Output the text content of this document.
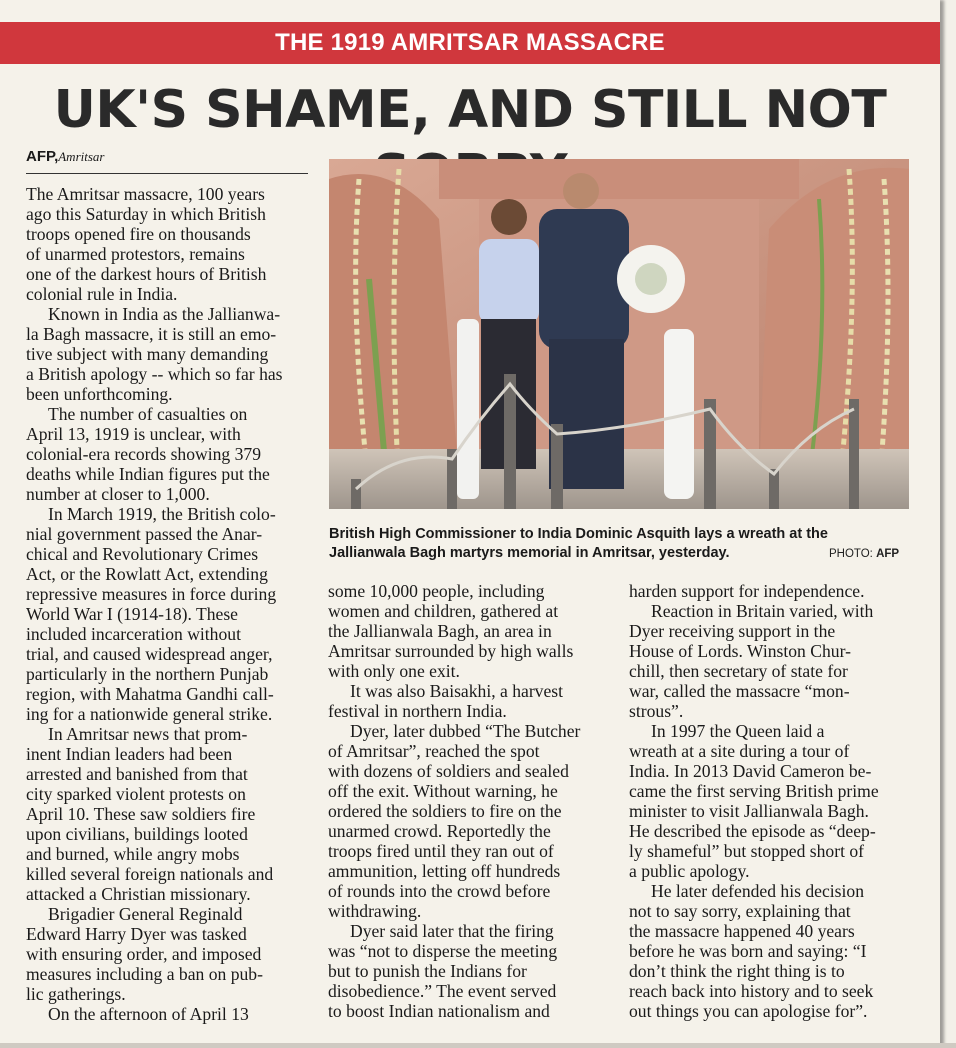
THE 1919 AMRITSAR MASSACRE
UK'S SHAME, AND STILL NOT
AFP,Amritsar

The Amritsar massacre, 100 years
ago this Saturday in which British
troops opened fire on thousands
of unarmed protestors, remains
one of the darkest hours of British
colonial rule in India.

Known in India as the Jallianwa-
la Bagh massacre, it is still an emo-
tive subject with many demanding
a British apology -- which so far has
been unforthcoming.

The number of casualties on
April 13, 1919 is unclear, with
colonial-era records showing 379
deaths while Indian figures put the
number at closer to 1,000.

In March 1919, the British colo-
nial government passed the Anar-
chical and Revolutionary Crimes
Act, or the Rowlatt Act, extending
repressive measures in force during
World War I (1914-18). These
included incarceration without
trial, and caused widespread anger,
particularly in the northern Punjab
region, with Mahatma Gandhi call-
ing for a nationwide general strike.

In Amritsar news that prom-
inent Indian leaders had been
arrested and banished from that
city sparked violent protests on
April 10. These saw soldiers fire
upon civilians, buildings looted
and burned, while angry mobs
killed several foreign nationals and
attacked a Christian missionary.

Brigadier General Reginald
Edward Harry Dyer was tasked
with ensuring order, and imposed
measures including a ban on pub-
lic gatherings.

On the afternoon of April 13

British High Commissioner to India Dominic Asquith lays a wreath at the
Jallianwala Bagh martyrs memorial in Amritsar, yesterday.	PHOTO: AFP

some 10,000 people, including
women and children, gathered at
the Jallianwala Bagh, an area in
Amritsar surrounded by high walls
with only one exit.

It was also Baisakhi, a harvest
festival in northern India.

Dyer, later dubbed “The Butcher
of Amritsar”, reached the spot
with dozens of soldiers and sealed
off the exit. Without warning, he
ordered the soldiers to fire on the
unarmed crowd. Reportedly the
troops fired until they ran out of
ammunition, letting off hundreds
of rounds into the crowd before
withdrawing.

Dyer said later that the firing
was “not to disperse the meeting
but to punish the Indians for
disobedience.” The event served
to boost Indian nationalism and

harden support for independence.

Reaction in Britain varied, with
Dyer receiving support in the
House of Lords. Winston Chur-
chill, then secretary of state for
war, called the massacre “mon-
strous”.

In 1997 the Queen laid a
wreath at a site during a tour of
India. In 2013 David Cameron be-
came the first serving British prime
minister to visit Jallianwala Bagh.
He described the episode as “deep-
ly shameful” but stopped short of
a public apology.

He later defended his decision
not to say sorry, explaining that
the massacre happened 40 years
before he was born and saying: “I
don’t think the right thing is to
reach back into history and to seek
out things you can apologise for”.
